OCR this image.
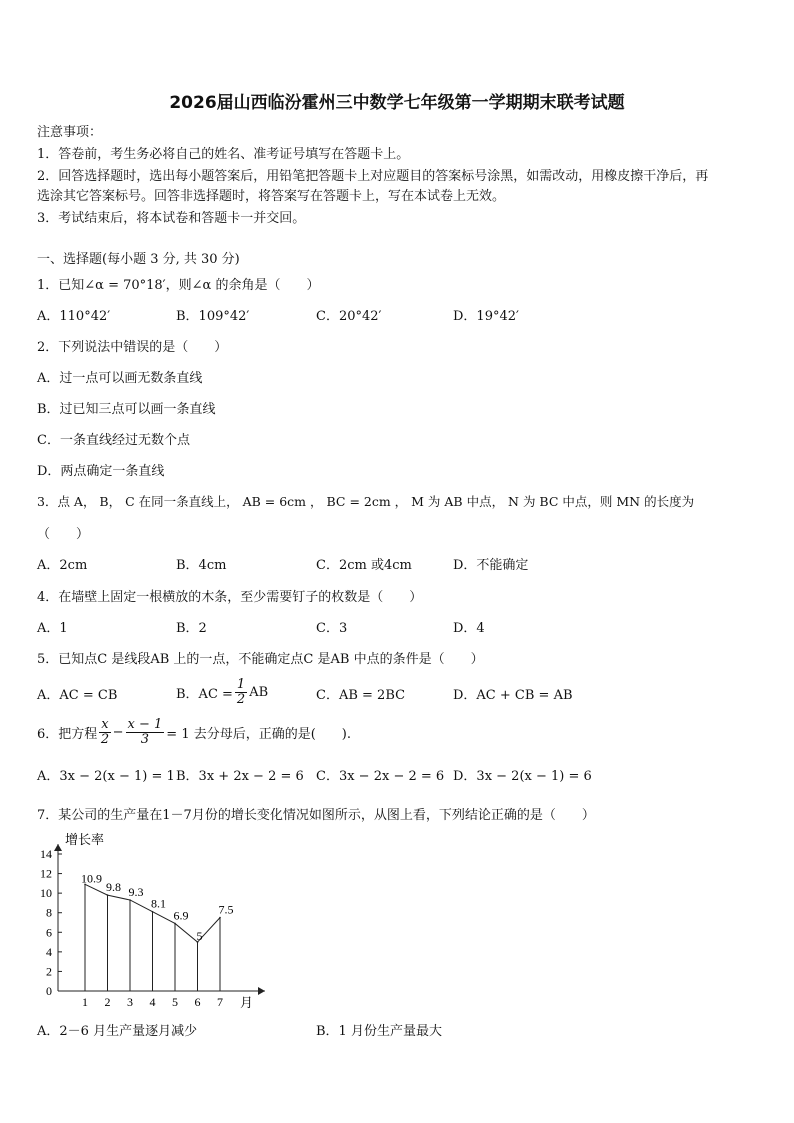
2026届山西临汾霍州三中数学七年级第一学期期末联考试题
注意事项：
1．答卷前，考生务必将自己的姓名、准考证号填写在答题卡上。
2．回答选择题时，选出每小题答案后，用铅笔把答题卡上对应题目的答案标号涂黑，如需改动，用橡皮擦干净后，再
选涂其它答案标号。回答非选择题时，将答案写在答题卡上，写在本试卷上无效。
3．考试结束后，将本试卷和答题卡一并交回。
一、选择题(每小题 3 分, 共 30 分)
1．已知∠α = 70°18′，则∠α 的余角是（　　）
A．110°42′	B．109°42′	C．20°42′	D．19°42′
2．下列说法中错误的是（　　）
A．过一点可以画无数条直线
B．过已知三点可以画一条直线
C．一条直线经过无数个点
D．两点确定一条直线
3．点 A， B， C 在同一条直线上， AB = 6cm ， BC = 2cm ， M 为 AB 中点， N 为 BC 中点，则 MN 的长度为
（　　）
A．2cm	B．4cm	C．2cm 或4cm	D．不能确定
4．在墙壁上固定一根横放的木条，至少需要钉子的枚数是（　　）
A．1	B．2	C．3	D．4
5．已知点C 是线段AB 上的一点，不能确定点C 是AB 中点的条件是（　　）
A．AC = CB	B．AC = $\frac{1}{2}$ AB	C．AB = 2BC	D．AC + CB = AB
6．把方程 $\frac{x}{2} - \frac{x - 1}{3} = 1$ 去分母后，正确的是(　　).
A．3x − 2(x − 1) = 1 B．3x + 2x − 2 = 6 C．3x − 2x − 2 = 6 D．3x − 2(x − 1) = 6
7．某公司的生产量在1－7月份的增长变化情况如图所示，从图上看，下列结论正确的是（　　）
0
2
4
6
8
10
12
14
1 2 3 4 5 6 7
10.9
9.8 9.3
8.1
6.9
5
7.5
增长率
月
A．2－6 月生产量逐月减少	B．1 月份生产量最大
